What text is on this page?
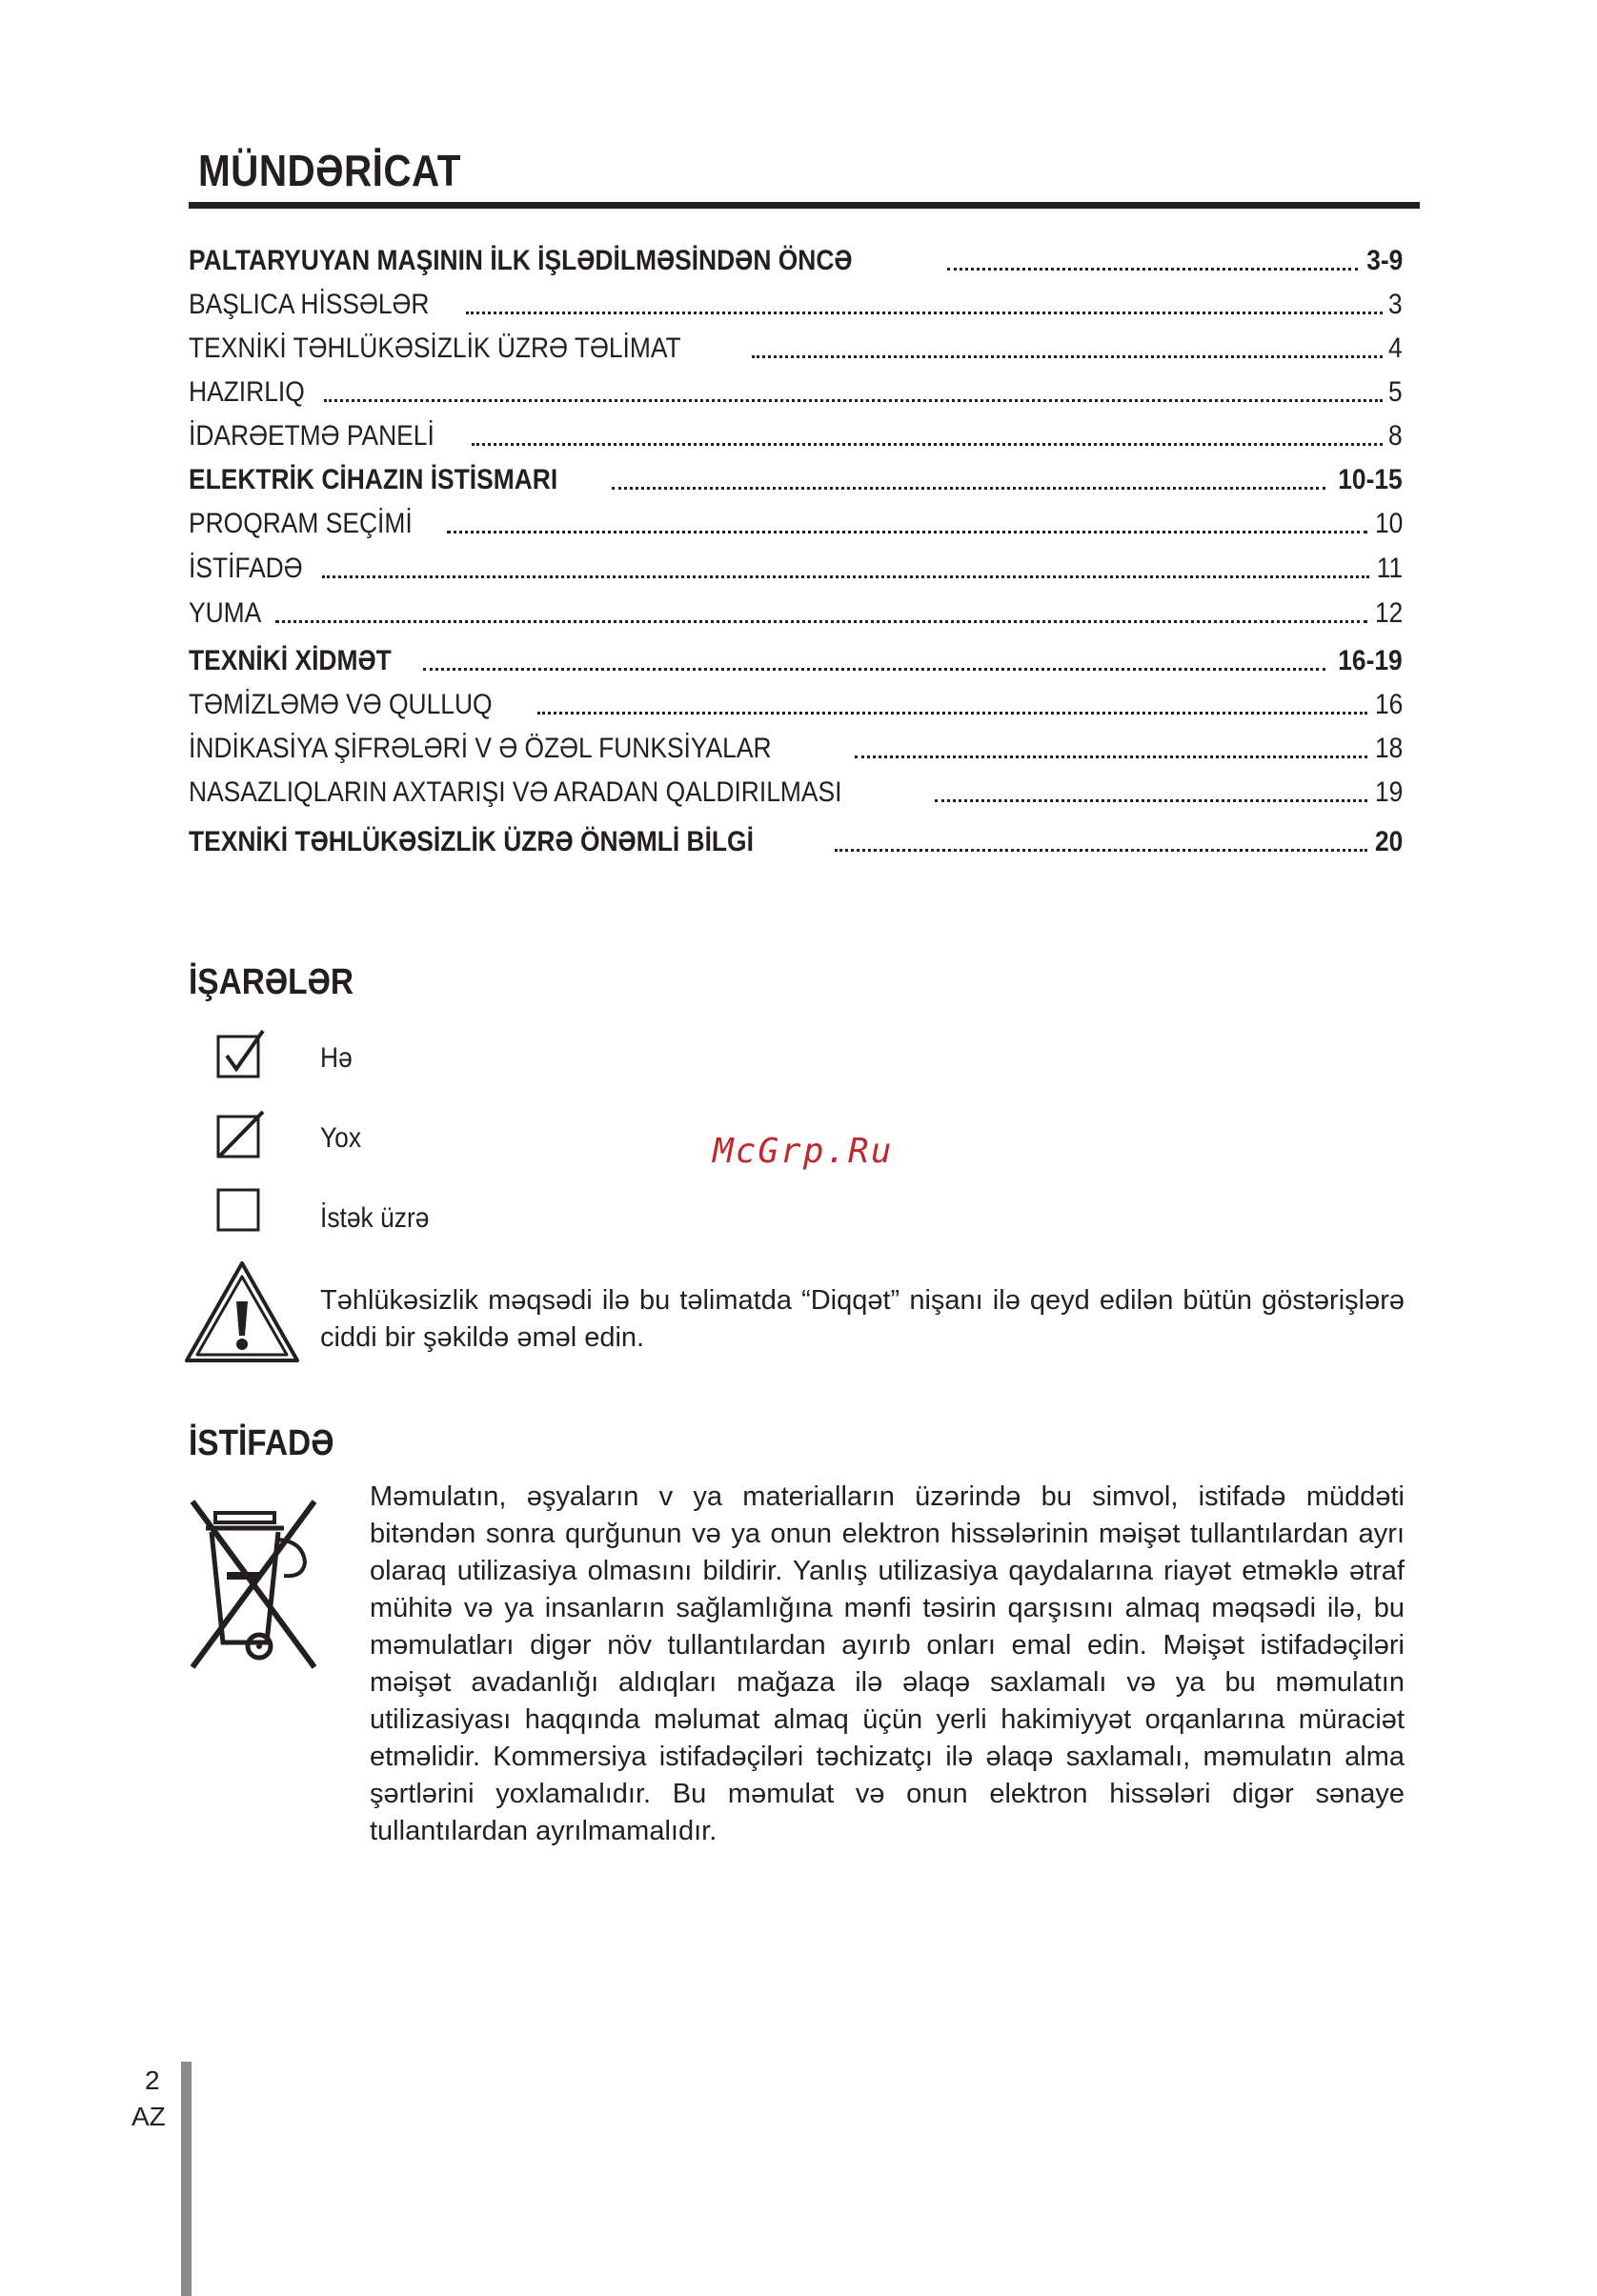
MÜNDƏRİCAT
PALTARYUYAN MAŞININ İLK İŞLƏDİLMƏSİNDƏN ÖNCƏ	3-9
BAŞLICA HİSSƏLƏR	3
TEXNİKİ TƏHLÜKƏSİZLİK ÜZRƏ TƏLİMAT	4
HAZIRLIQ	5
İDARƏETMƏ PANELİ	8
ELEKTRİK CİHAZIN İSTİSMARI	10-15
PROQRAM SEÇİMİ	10
İSTİFADƏ	11
YUMA	12
TEXNİKİ XİDMƏT	16-19
TƏMİZLƏMƏ VƏ QULLUQ	16
İNDİKASİYA ŞİFRƏLƏRİ V Ə ÖZƏL FUNKSİYALAR	18
NASAZLIQLARIN AXTARIŞI VƏ ARADAN QALDIRILMASI	19
TEXNİKİ TƏHLÜKƏSİZLİK ÜZRƏ ÖNƏMLİ BİLGİ	20
İŞARƏLƏR
Hə
Yox
İstək üzrə
Təhlükəsizlik məqsədi ilə bu təlimatda “Diqqət” nişanı ilə qeyd edilən bütün göstərişlərə ciddi bir şəkildə əməl edin.
İSTİFADƏ
Məmulatın, əşyaların v ya materialların üzərində bu simvol, istifadə müddəti bitəndən sonra qurğunun və ya onun elektron hissələrinin məişət tullantılardan ayrı olaraq utilizasiya olmasını bildirir. Yanlış utilizasiya qaydalarına riayət etməklə ətraf mühitə və ya insanların sağlamlığına mənfi təsirin qarşısını almaq məqsədi ilə, bu məmulatları digər növ tullantılardan ayırıb onları emal edin. Məişət istifadəçiləri məişət avadanlığı aldıqları mağaza ilə əlaqə saxlamalı və ya bu məmulatın utilizasiyası haqqında məlumat almaq üçün yerli hakimiyyət orqanlarına müraciət etməlidir. Kommersiya istifadəçiləri təchizatçı ilə əlaqə saxlamalı, məmulatın alma şərtlərini yoxlamalıdır. Bu məmulat və onun elektron hissələri digər sənaye tullantılardan ayrılmamalıdır.
McGrp.Ru
2
AZ
